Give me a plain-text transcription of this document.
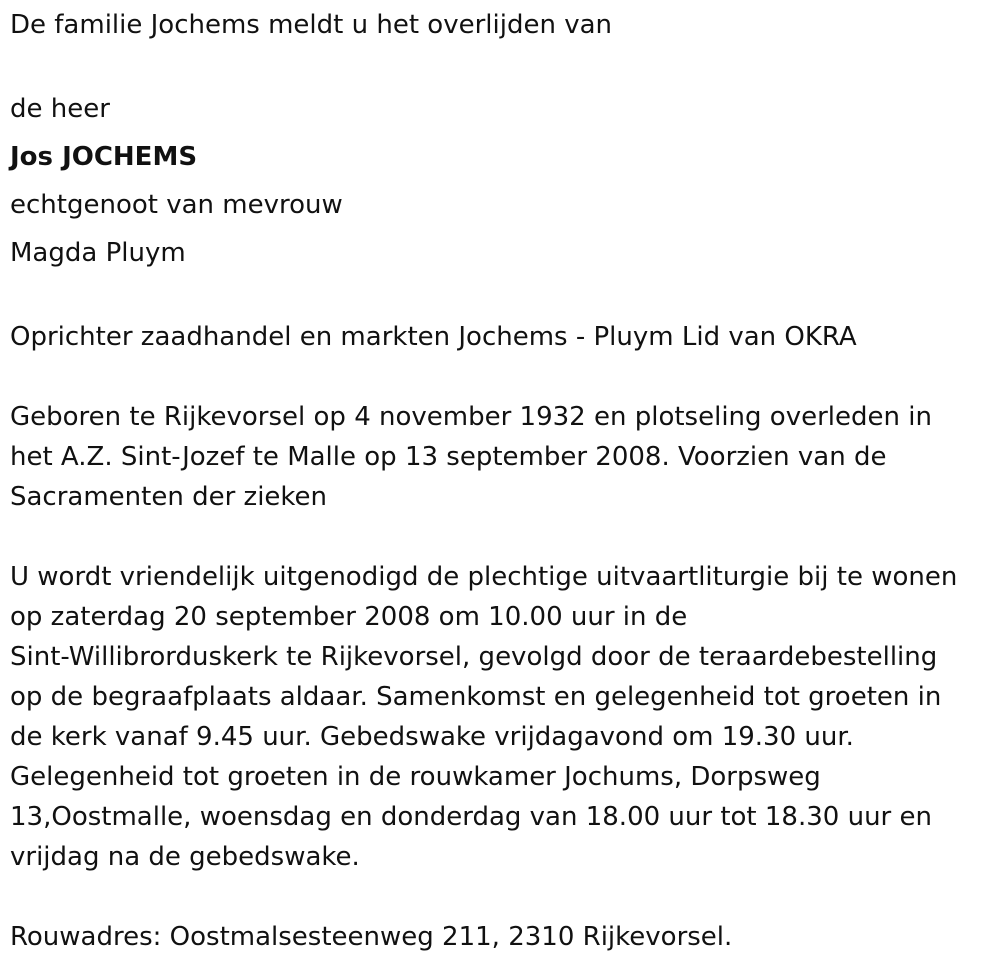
De familie Jochems meldt u het overlijden van

de heer

Jos JOCHEMS

echtgenoot van mevrouw

Magda Pluym

Oprichter zaadhandel en markten Jochems - Pluym Lid van OKRA

Geboren te Rijkevorsel op 4 november 1932 en plotseling overleden in

het A.Z. Sint-Jozef te Malle op 13 september 2008. Voorzien van de

Sacramenten der zieken

U wordt vriendelijk uitgenodigd de plechtige uitvaartliturgie bij te wonen

op zaterdag 20 september 2008 om 10.00 uur in de

Sint-Willibrorduskerk te Rijkevorsel, gevolgd door de teraardebestelling

op de begraafplaats aldaar. Samenkomst en gelegenheid tot groeten in

de kerk vanaf 9.45 uur. Gebedswake vrijdagavond om 19.30 uur.

Gelegenheid tot groeten in de rouwkamer Jochums, Dorpsweg

13,Oostmalle, woensdag en donderdag van 18.00 uur tot 18.30 uur en

vrijdag na de gebedswake.

Rouwadres: Oostmalsesteenweg 211, 2310 Rijkevorsel.
